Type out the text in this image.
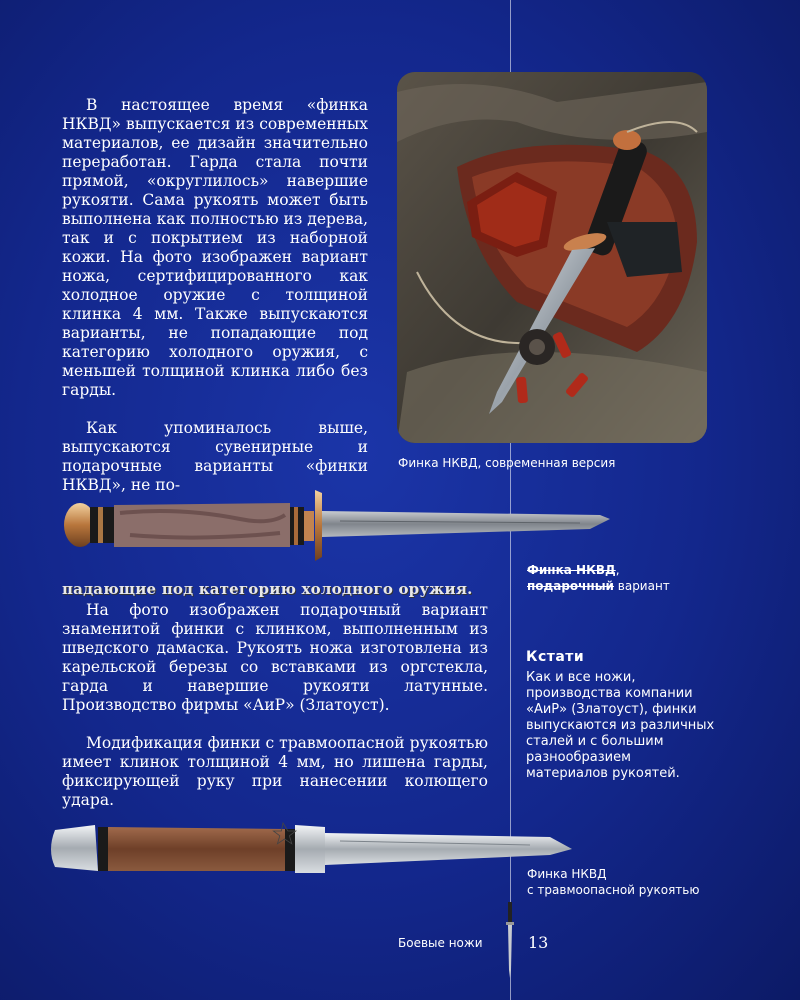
В настоящее время «финка НКВД» выпускается из современных материалов, ее дизайн значительно переработан. Гарда стала почти прямой, «округлилось» навершие рукояти. Сама рукоять может быть выполнена как полностью из дерева, так и с покрытием из наборной кожи. На фото изображен вариант ножа, сертифицированного как холодное оружие с толщиной клинка 4 мм. Также выпускаются варианты, не попадающие под категорию холодного оружия, с меньшей толщиной клинка либо без гарды.

Как упоминалось выше, выпускаются сувенирные и подарочные варианты «финки НКВД», не по-

Финка НКВД, современная версия
Финка НКВД,
подарочный вариант
падающие под категорию холодного оружия.

На фото изображен подарочный вариант знаменитой финки с клинком, выполненным из шведского дамаска. Рукоять ножа изготовлена из карельской березы со вставками из оргстекла, гарда и навершие рукояти латунные. Производство фирмы «АиР» (Златоуст).

Модификация финки с травмоопасной рукоятью имеет клинок толщиной 4 мм, но лишена гарды, фиксирующей руку при нанесении колющего удара.

Кстати
Как и все ножи, производства компании «АиР» (Златоуст), финки выпускаются из различных сталей и с большим разнообразием материалов рукоятей.
Финка НКВД
с травмоопасной рукоятью
Боевые ножи	13
